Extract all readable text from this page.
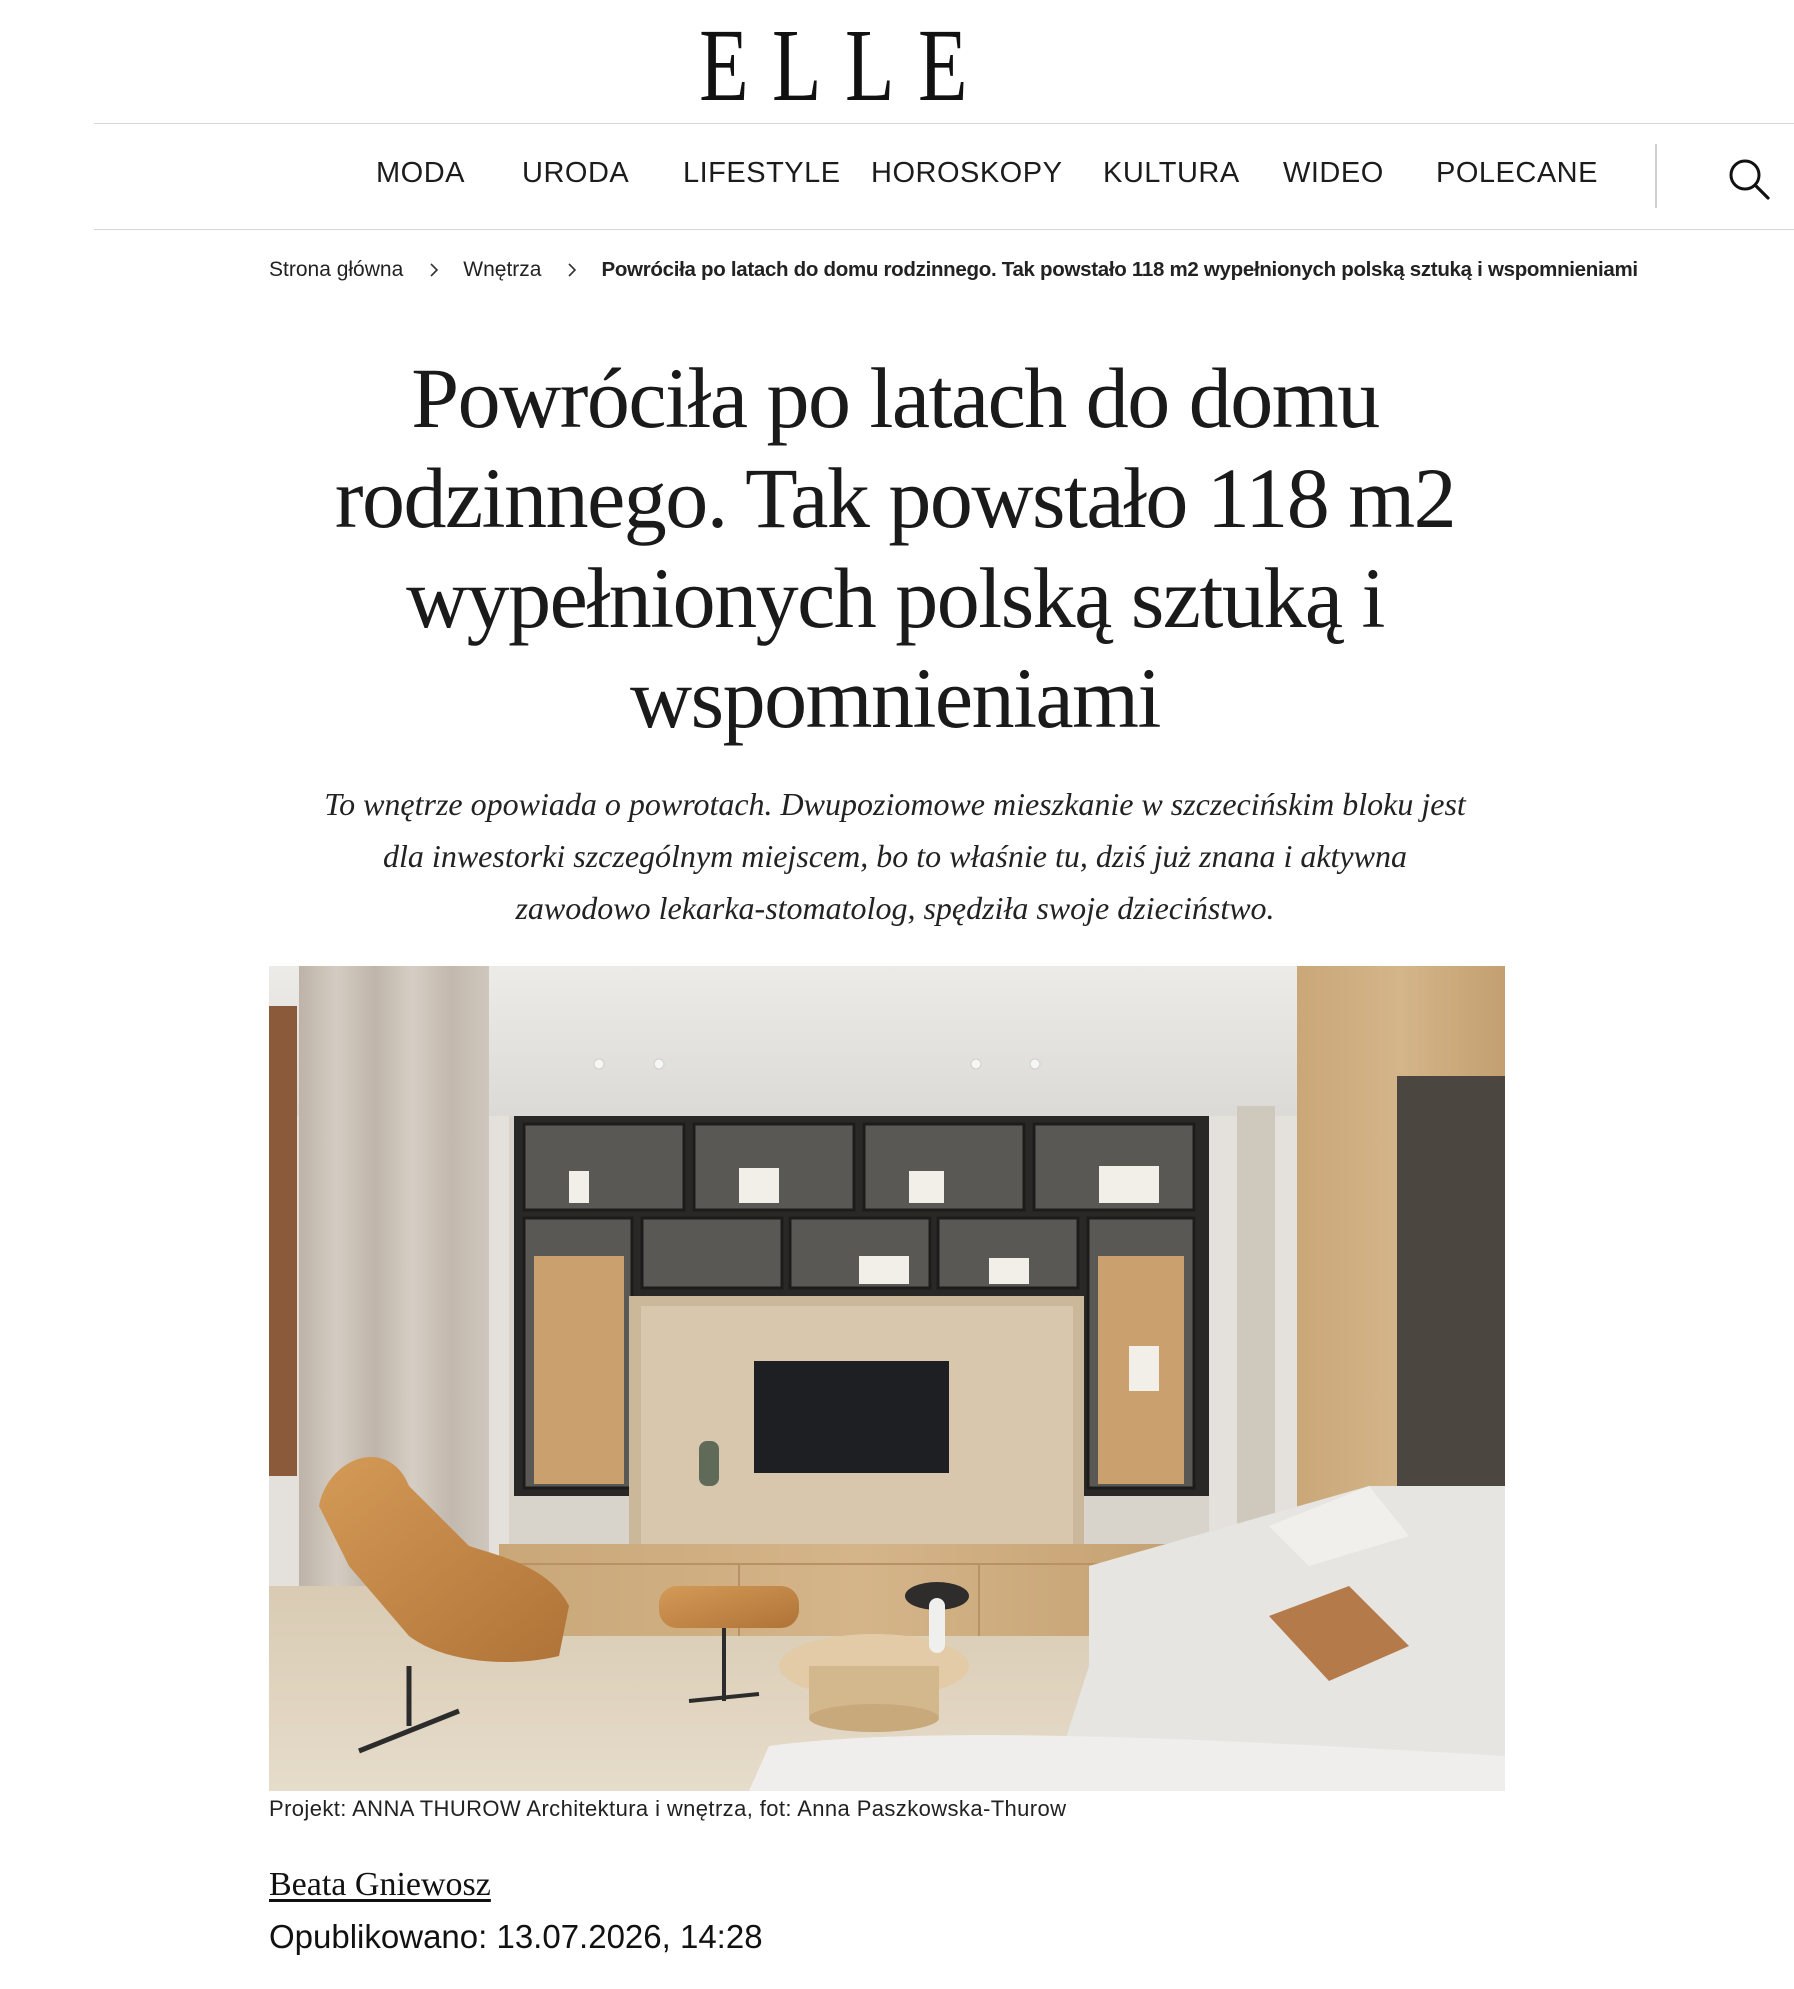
ELLE
MODA URODA LIFESTYLE HOROSKOPY KULTURA WIDEO POLECANE
Strona główna	Wnętrza	Powróciła po latach do domu rodzinnego. Tak powstało 118 m2 wypełnionych polską sztuką i wspomnieniami
Powróciła po latach do domu
rodzinnego. Tak powstało 118 m2
wypełnionych polską sztuką i
wspomnieniami

To wnętrze opowiada o powrotach. Dwupoziomowe mieszkanie w szczecińskim bloku jest
dla inwestorki szczególnym miejscem, bo to właśnie tu, dziś już znana i aktywna
zawodowo lekarka-stomatolog, spędziła swoje dzieciństwo.

Projekt: ANNA THUROW Architektura i wnętrza, fot: Anna Paszkowska-Thurow
Beata Gniewosz
Opublikowano: 13.07.2026, 14:28
